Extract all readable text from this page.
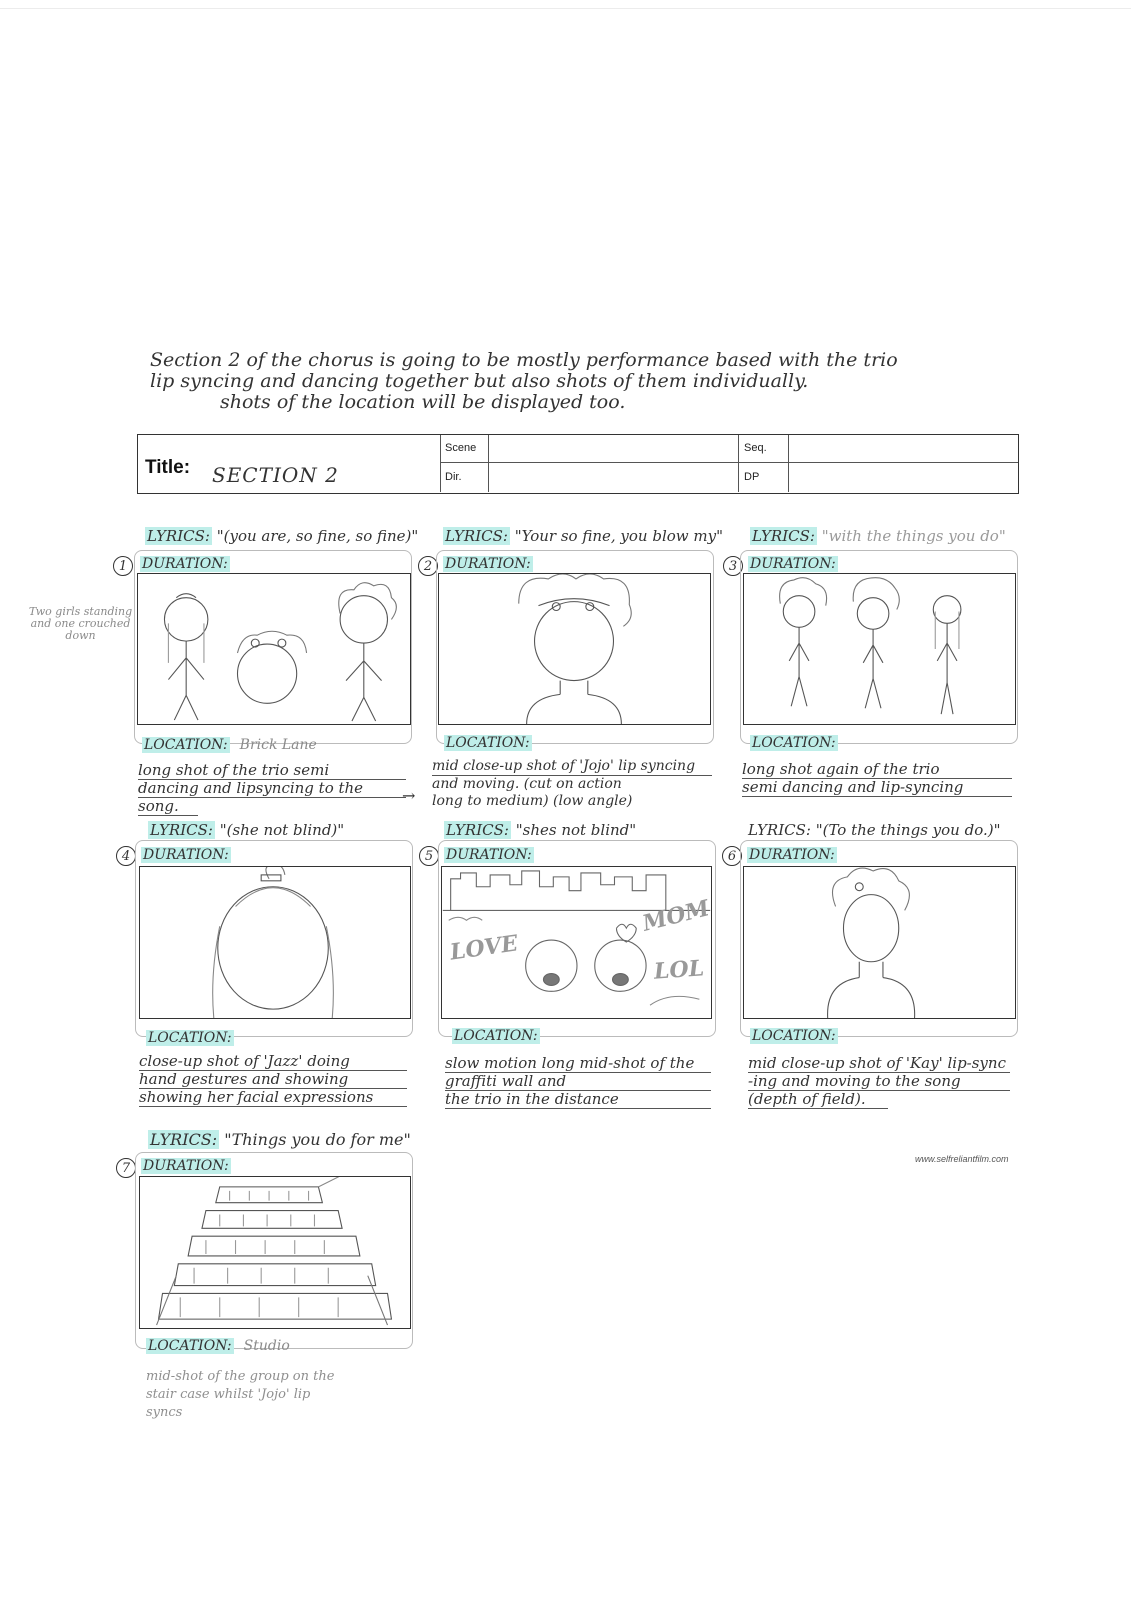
Section 2 of the chorus is going to be mostly performance based with the trio
lip syncing and dancing together but also shots of them individually.
shots of the location will be displayed too.
Title: SECTION 2
Scene	Seq.
Dir.	DP
Two girls standing and one crouched down
LYRICS: "(you are, so fine, so fine)"
1	DURATION:
LOCATION: Brick Lane
long shot of the trio semi
dancing and lipsyncing to the
song.
LYRICS: "Your so fine, you blow my"
2 DURATION:
LOCATION:
mid close-up shot of 'Jojo' lip syncing
and moving. (cut on action
long to medium) (low angle)
→
LYRICS: "with the things you do"
3 DURATION:
LOCATION:
long shot again of the trio
semi dancing and lip-syncing
LYRICS: "(she not blind)"
4 DURATION:
LOCATION:
close-up shot of 'Jazz' doing
hand gestures and showing
showing her facial expressions
LYRICS: "shes not blind"
5 DURATION:
LOVE
MOM
LOL
LOCATION:
slow motion long mid-shot of the
graffiti wall and
the trio in the distance
LYRICS: "(To the things you do.)"
6 DURATION:
LOCATION:
mid close-up shot of 'Kay' lip-sync
-ing and moving to the song
(depth of field).
LYRICS: "Things you do for me"
7 DURATION:
LOCATION: Studio
mid-shot of the group on the
stair case whilst 'Jojo' lip
syncs
www.selfreliantfilm.com
